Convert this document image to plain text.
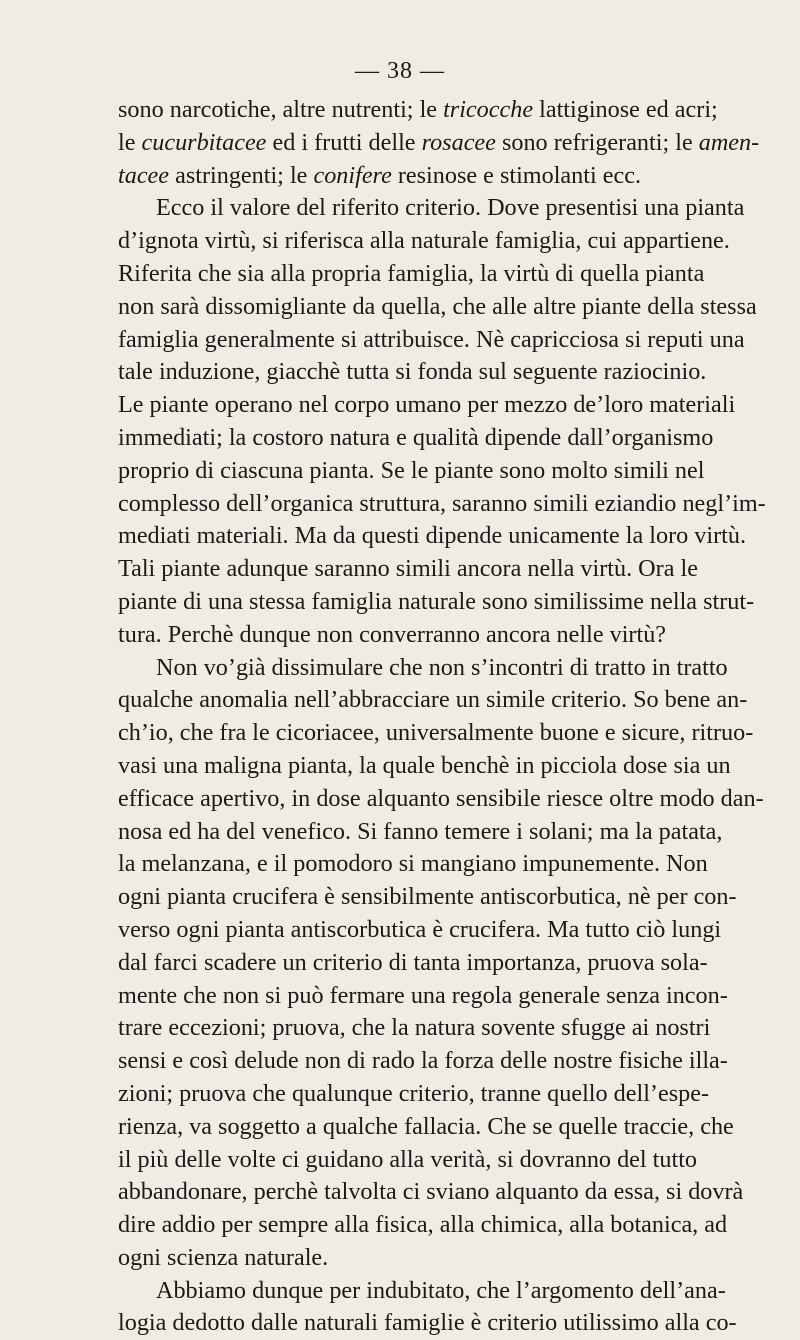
— 38 —
sono narcotiche, altre nutrenti; le tricocche lattiginose ed acri;
le cucurbitacee ed i frutti delle rosacee sono refrigeranti; le amen-
tacee astringenti; le conifere resinose e stimolanti ecc.
Ecco il valore del riferito criterio. Dove presentisi una pianta
d’ignota virtù, si riferisca alla naturale famiglia, cui appartiene.
Riferita che sia alla propria famiglia, la virtù di quella pianta
non sarà dissomigliante da quella, che alle altre piante della stessa
famiglia generalmente si attribuisce. Nè capricciosa si reputi una
tale induzione, giacchè tutta si fonda sul seguente raziocinio.
Le piante operano nel corpo umano per mezzo de’loro materiali
immediati; la costoro natura e qualità dipende dall’organismo
proprio di ciascuna pianta. Se le piante sono molto simili nel
complesso dell’organica struttura, saranno simili eziandio negl’im-
mediati materiali. Ma da questi dipende unicamente la loro virtù.
Tali piante adunque saranno simili ancora nella virtù. Ora le
piante di una stessa famiglia naturale sono similissime nella strut-
tura. Perchè dunque non converranno ancora nelle virtù?
Non vo’già dissimulare che non s’incontri di tratto in tratto
qualche anomalia nell’abbracciare un simile criterio. So bene an-
ch’io, che fra le cicoriacee, universalmente buone e sicure, ritruo-
vasi una maligna pianta, la quale benchè in picciola dose sia un
efficace apertivo, in dose alquanto sensibile riesce oltre modo dan-
nosa ed ha del venefico. Si fanno temere i solani; ma la patata,
la melanzana, e il pomodoro si mangiano impunemente. Non
ogni pianta crucifera è sensibilmente antiscorbutica, nè per con-
verso ogni pianta antiscorbutica è crucifera. Ma tutto ciò lungi
dal farci scadere un criterio di tanta importanza, pruova sola-
mente che non si può fermare una regola generale senza incon-
trare eccezioni; pruova, che la natura sovente sfugge ai nostri
sensi e così delude non di rado la forza delle nostre fisiche illa-
zioni; pruova che qualunque criterio, tranne quello dell’espe-
rienza, va soggetto a qualche fallacia. Che se quelle traccie, che
il più delle volte ci guidano alla verità, si dovranno del tutto
abbandonare, perchè talvolta ci sviano alquanto da essa, si dovrà
dire addio per sempre alla fisica, alla chimica, alla botanica, ad
ogni scienza naturale.
Abbiamo dunque per indubitato, che l’argomento dell’ana-
logia dedotto dalle naturali famiglie è criterio utilissimo alla co-
